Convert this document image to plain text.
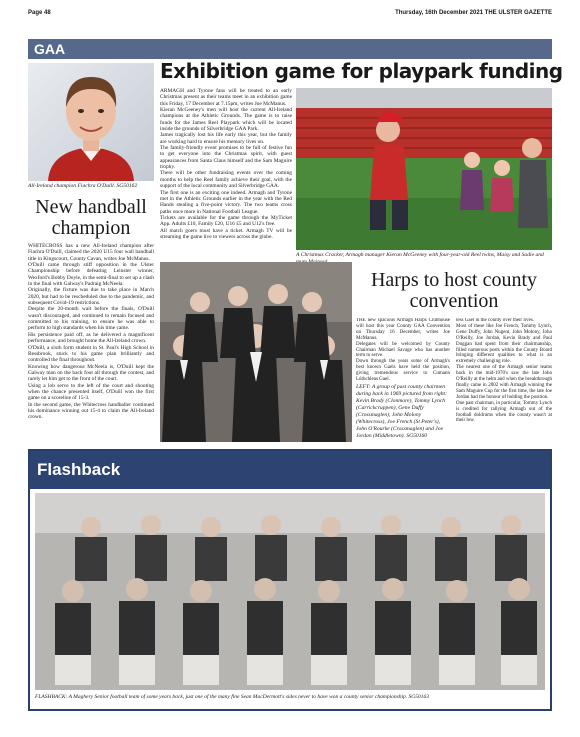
Page 48	Thursday, 16th December 2021 THE ULSTER GAZETTE
GAA
All-Ireland champion Fiachra O'Duill. SG50162
New handball champion

WHITECROSS has a new All-Ireland champion after Fiachra O'Duill, claimed the 2020 U15 four wall handball title in Kingscourt, County Cavan, writes Joe McManus.

O'Duill came through stiff opposition in the Ulster Championship before defeating Leinster winner, Wexford's Bobby Doyle, in the semi-final to set up a clash in the final with Galway's Padraig McNeela.

Originally, the fixture was due to take place in March 2020, but had to be rescheduled due to the pandemic, and subsequent Covid-19 restrictions.

Despite the 20-month wait before the finals, O'Duill wasn't discouraged, and continued to remain focused and committed to his training, to ensure he was able to perform to high standards when his time came.

His persistence paid off, as he delivered a magnificent performance, and brought home the All-Ireland crown.

O'Duill, a sixth form student in St. Paul's High School in Bessbrook, stuck to his game plan brilliantly and controlled the final throughout.

Knowing how dangerous McNeela is, O'Duill kept the Galway man on the back foot all through the contest, and rarely let him get to the front of the court.

Using a lob serve to the left of the court and shooting when the chance presented itself, O'Duill won the first game on a scoreline of 15-3.

In the second game, the Whitecross handballer continued his dominance winning out 15-4 to claim the All-Ireland crown.

Exhibition game for playpark funding

ARMAGH and Tyrone fans will be treated to an early Christmas present as their teams meet in an exhibition game this Friday, 17 December at 7.15pm, writes Joe McManus.

Kieran McGeeney's men will host the current All-Ireland champions at the Athletic Grounds. The game is to raise funds for the James Reel Playpark which will be located inside the grounds of Silverbridge GAA Park.

James tragically lost his life early this year, but the family are working hard to ensure his memory lives on.

The family-friendly event promises to be full of festive fun to get everyone into the Christmas spirit, with guest appearances from Santa Claus himself and the Sam Maguire trophy.

There will be other fundraising events over the coming months to help the Reel family achieve their goal, with the support of the local community and Silverbridge GAA.

The first one is an exciting one indeed. Armagh and Tyrone met in the Athletic Grounds earlier in the year with the Red Hands stealing a five-point victory. The two teams cross paths once more in National Football League.

Tickets are available for the game through the MyTicket App. Adults £10, Family £20, U16 £5 and U12's free.

All match goers must have a ticket. Armagh TV will be streaming the game live to viewers across the globe.

A Christmas Cracker, Armagh manager Kieran McGeeney with four-year-old Reel twins, Maisy and Sadie and
Harps to host county convention

THE new spacious Armagh Harps Clubhouse will host this year County GAA Convention on Thursday 16 December, writes Joe McManus.

Delegates will be welcomed by County Chairman Michael Savage who has another term to serve.

Down through the years some of Armagh's best known Gaels have held the position, giving tremendous service to Cumann Lúthchleas Gael.

LEFT: A group of past county chairmen during back in 1969 pictured from right: Kevin Brady (Clonmore), Tommy Lynch (Carrickcruppen), Gene Duffy (Crossmaglen), John Molony (Whitecross), Joe French (St Peter's), John O'Rourke (Crossmaglen) and Joe Jordan (Middletown). SG50160

less Gael in the county over their lives.

Most of these like Joe French, Tommy Lynch, Gene Duffy, John Nugent, John Molony, John O'Reilly, Joe Jordan, Kevin Brady and Paul Duggan had spent from their chairmanship, filled numerous posts within the County Board bringing different qualities to what is an extremely challenging role.

The nearest one of the Armagh senior teams back in the mid-1970's saw the late John O'Reilly at the helm and when the breakthrough finally came in 2002 with Armagh winning the Sam Maguire Cup for the first time, the late Joe Jordan had the honour of holding the position.

One past chairman, in particular, Tommy Lynch is credited for rallying Armagh out of the football doldrums when the county wasn't at their low.

Flashback
FLASHBACK: A Maghery Senior football team of some years back, just one of the many fine Sean MacDermott's sides never to have won a county senior championship. SG50163
